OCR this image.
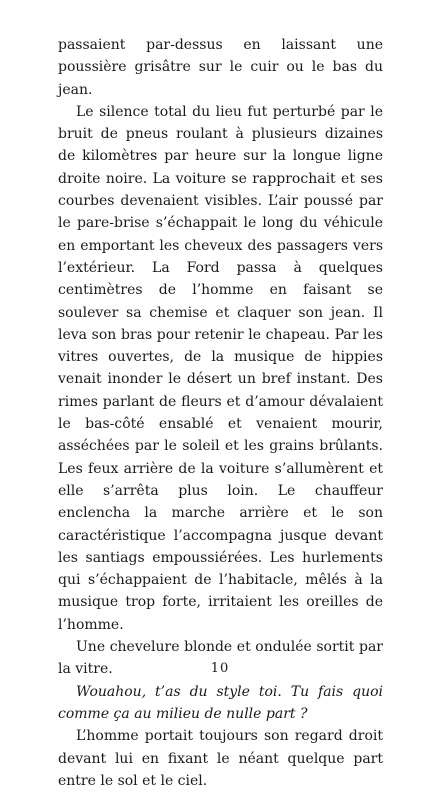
passaient par-dessus en laissant une poussière grisâtre sur le cuir ou le bas du jean.

Le silence total du lieu fut perturbé par le bruit de pneus roulant à plusieurs dizaines de kilomètres par heure sur la longue ligne droite noire. La voiture se rapprochait et ses courbes devenaient visibles. L’air poussé par le pare-brise s’échappait le long du véhicule en emportant les cheveux des passagers vers l’extérieur. La Ford passa à quelques centimètres de l’homme en faisant se soulever sa chemise et claquer son jean. Il leva son bras pour retenir le chapeau. Par les vitres ouvertes, de la musique de hippies venait inonder le désert un bref instant. Des rimes parlant de fleurs et d’amour dévalaient le bas-côté ensablé et venaient mourir, asséchées par le soleil et les grains brûlants. Les feux arrière de la voiture s’allumèrent et elle s’arrêta plus loin. Le chauffeur enclencha la marche arrière et le son caractéristique l’accompagna jusque devant les santiags empoussiérées. Les hurlements qui s’échappaient de l’habitacle, mêlés à la musique trop forte, irritaient les oreilles de l’homme.

Une chevelure blonde et ondulée sortit par la vitre.

Wouahou, t’as du style toi. Tu fais quoi comme ça au milieu de nulle part ?

L’homme portait toujours son regard droit devant lui en fixant le néant quelque part entre le sol et le ciel.

10
